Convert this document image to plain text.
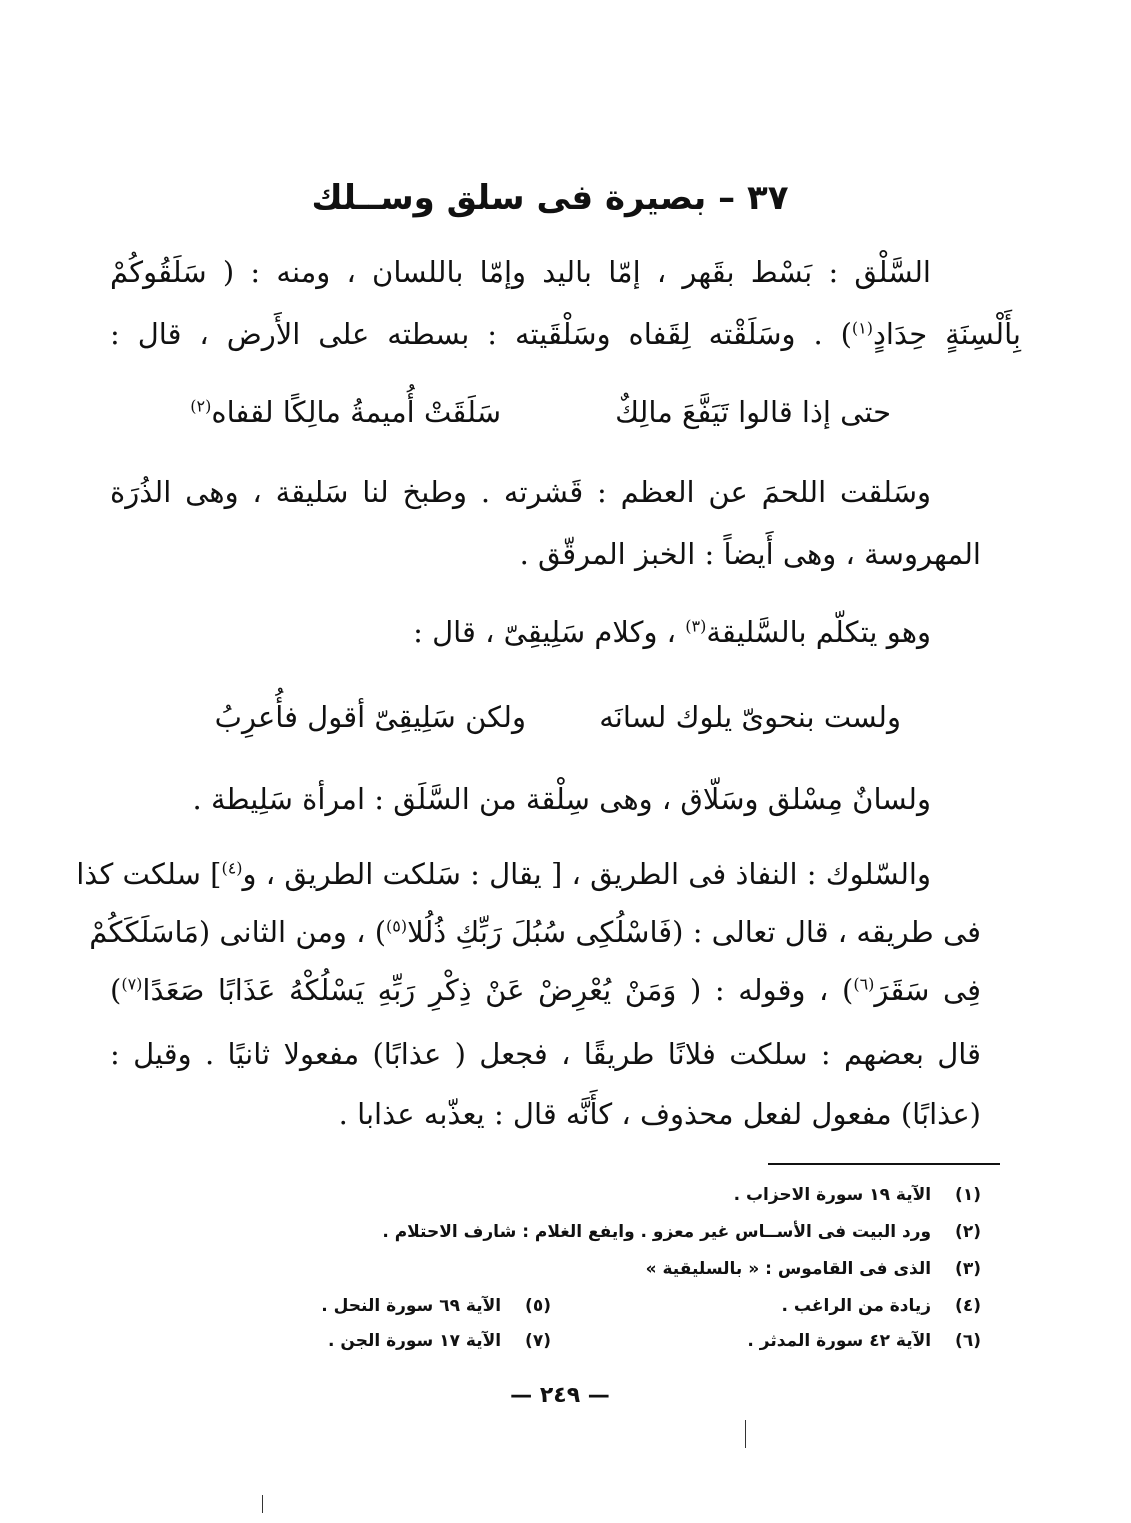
٣٧ – بصيرة فى سلق وســلك
السَّلْق : بَسْط بقَهر ، إمّا باليد وإمّا باللسان ، ومنه : ( سَلَقُوكُمْ
بِأَلْسِنَةٍ حِدَادٍ$^{(١)}$) . وسَلَقْته لِقَفاه وسَلْقَيته : بسطته على الأَرض ، قال :
حتى إذا قالوا تَيَفَّعَ مالِكٌ
سَلَقَتْ أُميمةُ مالِكًا لقفاه$^{(٢)}$
وسَلقت اللحمَ عن العظم : قَشرته . وطبخ لنا سَليقة ، وهى الذُرَة
المهروسة ، وهى أَيضاً : الخبز المرقّق .
وهو يتكلّم بالسَّليقة$^{(٣)}$ ، وكلام سَلِيقِىّ ، قال :
ولست بنحوىّ يلوك لسانَه
ولكن سَلِيقِىّ أقول فأُعرِبُ
ولسانٌ مِسْلق وسَلّاق ، وهى سِلْقة من السَّلَق : امرأة سَلِيطة .
والسّلوك : النفاذ فى الطريق ، [ يقال : سَلكت الطريق ، و$^{(٤)}$] سلكت كذا
فى طريقه ، قال تعالى : (فَاسْلُكِى سُبُلَ رَبِّكِ ذُلُلا$^{(٥)}$) ، ومن الثانى (مَاسَلَكَكُمْ
فِى سَقَرَ$^{(٦)}$) ، وقوله : ( وَمَنْ يُعْرِضْ عَنْ ذِكْرِ رَبِّهِ يَسْلُكْهُ عَذَابًا صَعَدًا$^{(٧)}$)
قال بعضهم : سلكت فلانًا طريقًا ، فجعل ( عذابًا) مفعولا ثانيًا . وقيل :
(عذابًا) مفعول لفعل محذوف ، كأَنَّه قال : يعذّبه عذابا .
(١) الآية ١٩ سورة الاحزاب .
(٢) ورد البيت فى الأســاس غير معزو . وايفع الغلام : شارف الاحتلام .
(٣) الذى فى القاموس : « بالسليقية »
(٤) زيادة من الراغب .
(٥) الآية ٦٩ سورة النحل .
(٦) الآية ٤٢ سورة المدثر .
(٧) الآية ١٧ سورة الجن .
— ٢٤٩ —
